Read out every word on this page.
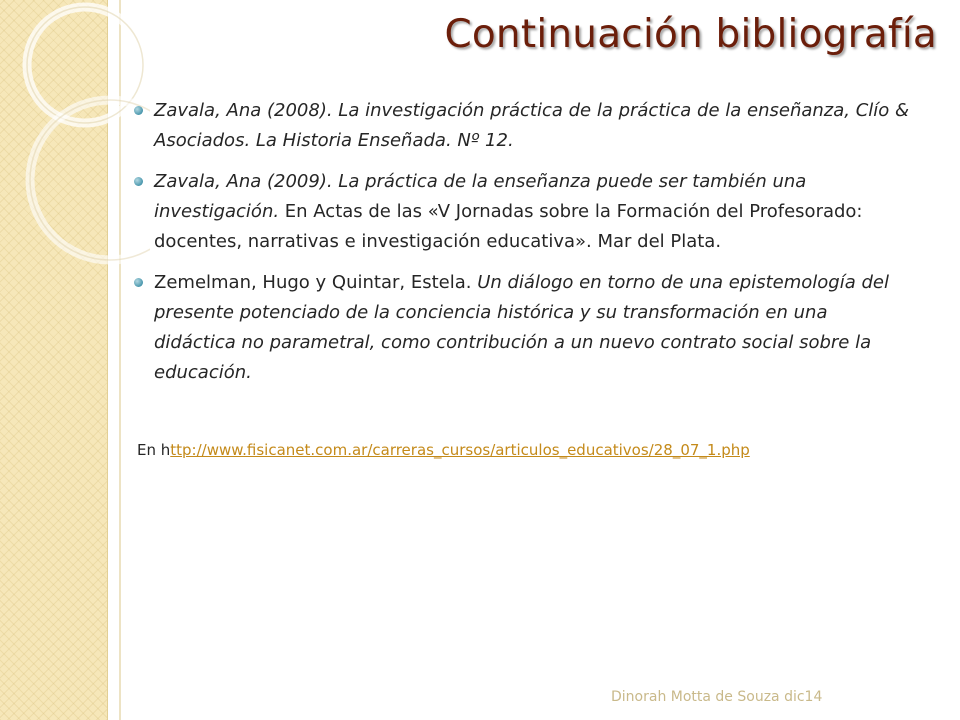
Continuación bibliografía
Zavala, Ana (2008). La investigación práctica de la práctica de la enseñanza, Clío & Asociados. La Historia Enseñada. Nº 12.
Zavala, Ana (2009). La práctica de la enseñanza puede ser también una investigación. En Actas de las «V Jornadas sobre la Formación del Profesorado: docentes, narrativas e investigación educativa». Mar del Plata.
Zemelman, Hugo y Quintar, Estela. Un diálogo en torno de una epistemología del presente potenciado de la conciencia histórica y su transformación en una didáctica no parametral, como contribución a un nuevo contrato social sobre la educación.

En http://www.fisicanet.com.ar/carreras_cursos/articulos_educativos/28_07_1.php

Dinorah Motta de Souza dic14
